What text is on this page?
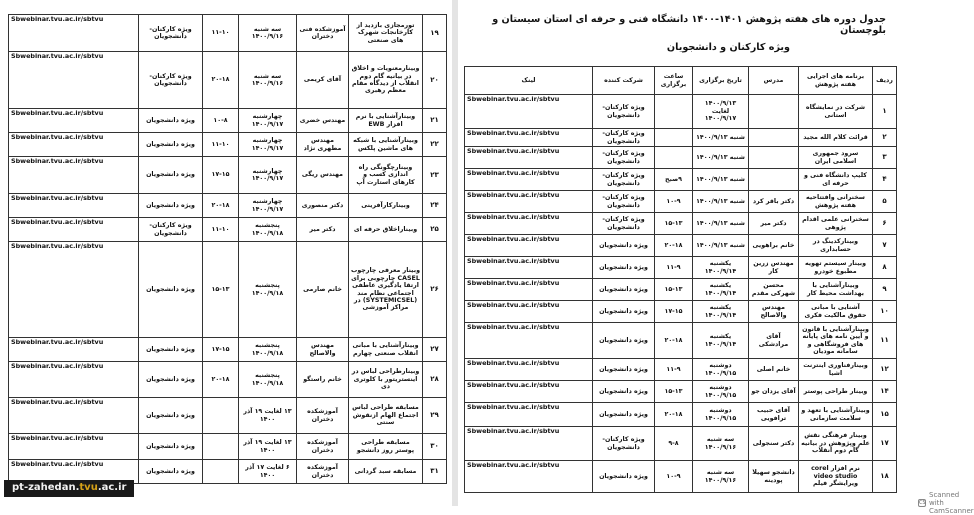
۱۹	تورمجازی بازدید از کارخانجات شهرک های صنعتی	آموزشکده فنی دختران	سه شنبه ۱۴۰۰/۹/۱۶	۱۱-۱۰	ویژه کارکنان- دانشجویان	Sbwebinar.tvu.ac.ir/sbtvu
۲۰	وبینارمعنویات و اخلاق در بیانیه گام دوم انقلاب از دیدگاه مقام معظم رهبری	آقای کریمی	سه شنبه ۱۴۰۰/۹/۱۶	۲۰-۱۸	ویژه کارکنان- دانشجویان	Sbwebinar.tvu.ac.ir/sbtvu
۲۱	وبینارآشنایی با نرم افزار EWB	مهندس خضری	چهارشنبه ۱۴۰۰/۹/۱۷	۱۰-۸	ویژه دانشجویان	Sbwebinar.tvu.ac.ir/sbtvu
۲۲	وبینارآشنایی با شبکه های ماشین پلکس	مهندس مطهری نژاد	چهارشنبه ۱۴۰۰/۹/۱۷	۱۱-۱۰	ویژه دانشجویان	Sbwebinar.tvu.ac.ir/sbtvu
۲۳	وبینارچگونگی راه اندازی کسب و کارهای استارت آپ	مهندس ریگی	چهارشنبه ۱۴۰۰/۹/۱۷	۱۷-۱۵	ویژه دانشجویان	Sbwebinar.tvu.ac.ir/sbtvu
۲۴	وبینارکارآفرینی	دکتر منصوری	چهارشنبه ۱۴۰۰/۹/۱۷	۲۰-۱۸	ویژه دانشجویان	Sbwebinar.tvu.ac.ir/sbtvu
۲۵	وبیناراخلاق حرفه ای	دکتر میر	پنجشنبه ۱۴۰۰/۹/۱۸	۱۱-۱۰	ویژه کارکنان- دانشجویان	Sbwebinar.tvu.ac.ir/sbtvu
۲۶	وبینار معرفی چارچوب CASEL چارچوبی برای ارتقا یادگیری عاطفی اجتماعی نظام مند (SYSTEMICSEL) در مراکز آموزشی	خانم صارمی	پنجشنبه ۱۴۰۰/۹/۱۸	۱۵-۱۳	ویژه دانشجویان	Sbwebinar.tvu.ac.ir/sbtvu
۲۷	وبینارآشنایی با مبانی انقلاب صنعتی چهارم	مهندس والاصالح	پنجشنبه ۱۴۰۰/۹/۱۸	۱۷-۱۵	ویژه دانشجویان	Sbwebinar.tvu.ac.ir/sbtvu
۲۸	وبینارطراحی لباس در اینستریتور با کلوتری دی	خانم راستگو	پنجشنبه ۱۴۰۰/۹/۱۸	۲۰-۱۸	ویژه دانشجویان	Sbwebinar.tvu.ac.ir/sbtvu
۲۹	مسابقه طراحی لباس اجتماع الهام ازنقوش سنتی	آموزشکده دختران	۱۳ لغایت ۱۹ آذر ۱۴۰۰		ویژه دانشجویان	Sbwebinar.tvu.ac.ir/sbtvu
۳۰	مسابقه طراحی پوستر روز دانشجو	آموزشکده دختران	۱۳ لغایت ۱۹ آذر ۱۴۰۰		ویژه دانشجویان	Sbwebinar.tvu.ac.ir/sbtvu
۳۱	مسابقه سبد گردانی	آموزشکده دختران	۶ لغایت ۱۷ آذر ۱۴۰۰		ویژه دانشجویان	Sbwebinar.tvu.ac.ir/sbtvu
pt-zahedan.tvu.ac.ir
جدول دوره های هفته پژوهش ۱۴۰۱-۱۴۰۰ دانشگاه فنی و حرفه ای استان سیستان و بلوچستان
ویژه کارکنان و دانشجویان
ردیف	برنامه های اجرایی هفته پژوهش	مدرس	تاریخ برگزاری	ساعت برگزاری	شرکت کننده	لینک
۱	شرکت در نمایشگاه استانی		۱۴۰۰/۹/۱۳ لغایت ۱۴۰۰/۹/۱۷		ویژه کارکنان- دانشجویان	Sbwebinar.tvu.ac.ir/sbtvu
۲	قرائت کلام الله مجید		شنبه ۱۴۰۰/۹/۱۳		ویژه کارکنان- دانشجویان	Sbwebinar.tvu.ac.ir/sbtvu
۳	سرود جمهوری اسلامی ایران		شنبه ۱۴۰۰/۹/۱۳		ویژه کارکنان- دانشجویان	Sbwebinar.tvu.ac.ir/sbtvu
۴	کلیپ دانشگاه فنی و حرفه ای		شنبه ۱۴۰۰/۹/۱۳	۹صبح	ویژه کارکنان- دانشجویان	Sbwebinar.tvu.ac.ir/sbtvu
۵	سخنرانی وافتتاحیه هفته پژوهش	دکتر باقر کرد	شنبه ۱۴۰۰/۹/۱۳	۱۰-۹	ویژه کارکنان- دانشجویان	Sbwebinar.tvu.ac.ir/sbtvu
۶	سخنرانی علمی اقدام پژوهی	دکتر میر	شنبه ۱۴۰۰/۹/۱۳	۱۵-۱۳	ویژه کارکنان- دانشجویان	Sbwebinar.tvu.ac.ir/sbtvu
۷	وبینارکدینگ در حسابداری	خانم براهویی	شنبه ۱۴۰۰/۹/۱۳	۲۰-۱۸	ویژه دانشجویان	Sbwebinar.tvu.ac.ir/sbtvu
۸	وبینار سیستم تهویه مطبوع خودرو	مهندس زرین کار	یکشنبه ۱۴۰۰/۹/۱۴	۱۱-۹	ویژه دانشجویان	Sbwebinar.tvu.ac.ir/sbtvu
۹	وبینارآشنایی با بهداشت محیط کار	محسن شهرکی مقدم	یکشنبه ۱۴۰۰/۹/۱۴	۱۵-۱۳	ویژه دانشجویان	Sbwebinar.tvu.ac.ir/sbtvu
۱۰	آشنایی با مبانی حقوق مالکیت فکری	مهندس والاصالح	یکشنبه ۱۴۰۰/۹/۱۴	۱۷-۱۵	ویژه دانشجویان	Sbwebinar.tvu.ac.ir/sbtvu
۱۱	وبینارآشنایی با قانون و آیین نامه های پایانه های فروشگاهی و سامانه مودیان	آقای مرادشکی	یکشنبه ۱۴۰۰/۹/۱۴	۲۰-۱۸	ویژه دانشجویان	Sbwebinar.tvu.ac.ir/sbtvu
۱۲	وبینارفناوری اینترنت اشیا	خانم اصلی	دوشنبه ۱۴۰۰/۹/۱۵	۱۱-۹	ویژه دانشجویان	Sbwebinar.tvu.ac.ir/sbtvu
۱۴	وبینار طراحی پوستر	آقای یزدان جو	دوشنبه ۱۴۰۰/۹/۱۵	۱۵-۱۳	ویژه دانشجویان	Sbwebinar.tvu.ac.ir/sbtvu
۱۵	وبینارآشنایی با تعهد و سلامت سازمانی	آقای حبیب ترافویی	دوشنبه ۱۴۰۰/۹/۱۵	۲۰-۱۸	ویژه دانشجویان	Sbwebinar.tvu.ac.ir/sbtvu
۱۷	وبینار فرهنگی نقش علم وپژوهش در بیانیه گام دوم انقلاب	دکتر سنجولی	سه شنبه ۱۴۰۰/۹/۱۶	۹-۸	ویژه کارکنان- دانشجویان	Sbwebinar.tvu.ac.ir/sbtvu
۱۸	نرم افزار corel video studio ویرایشگر فیلم	دانشجو سهیلا پودینه	سه شنبه ۱۴۰۰/۹/۱۶	۱۰-۹	ویژه دانشجویان	Sbwebinar.tvu.ac.ir/sbtvu
CS
Scanned with CamScanner
